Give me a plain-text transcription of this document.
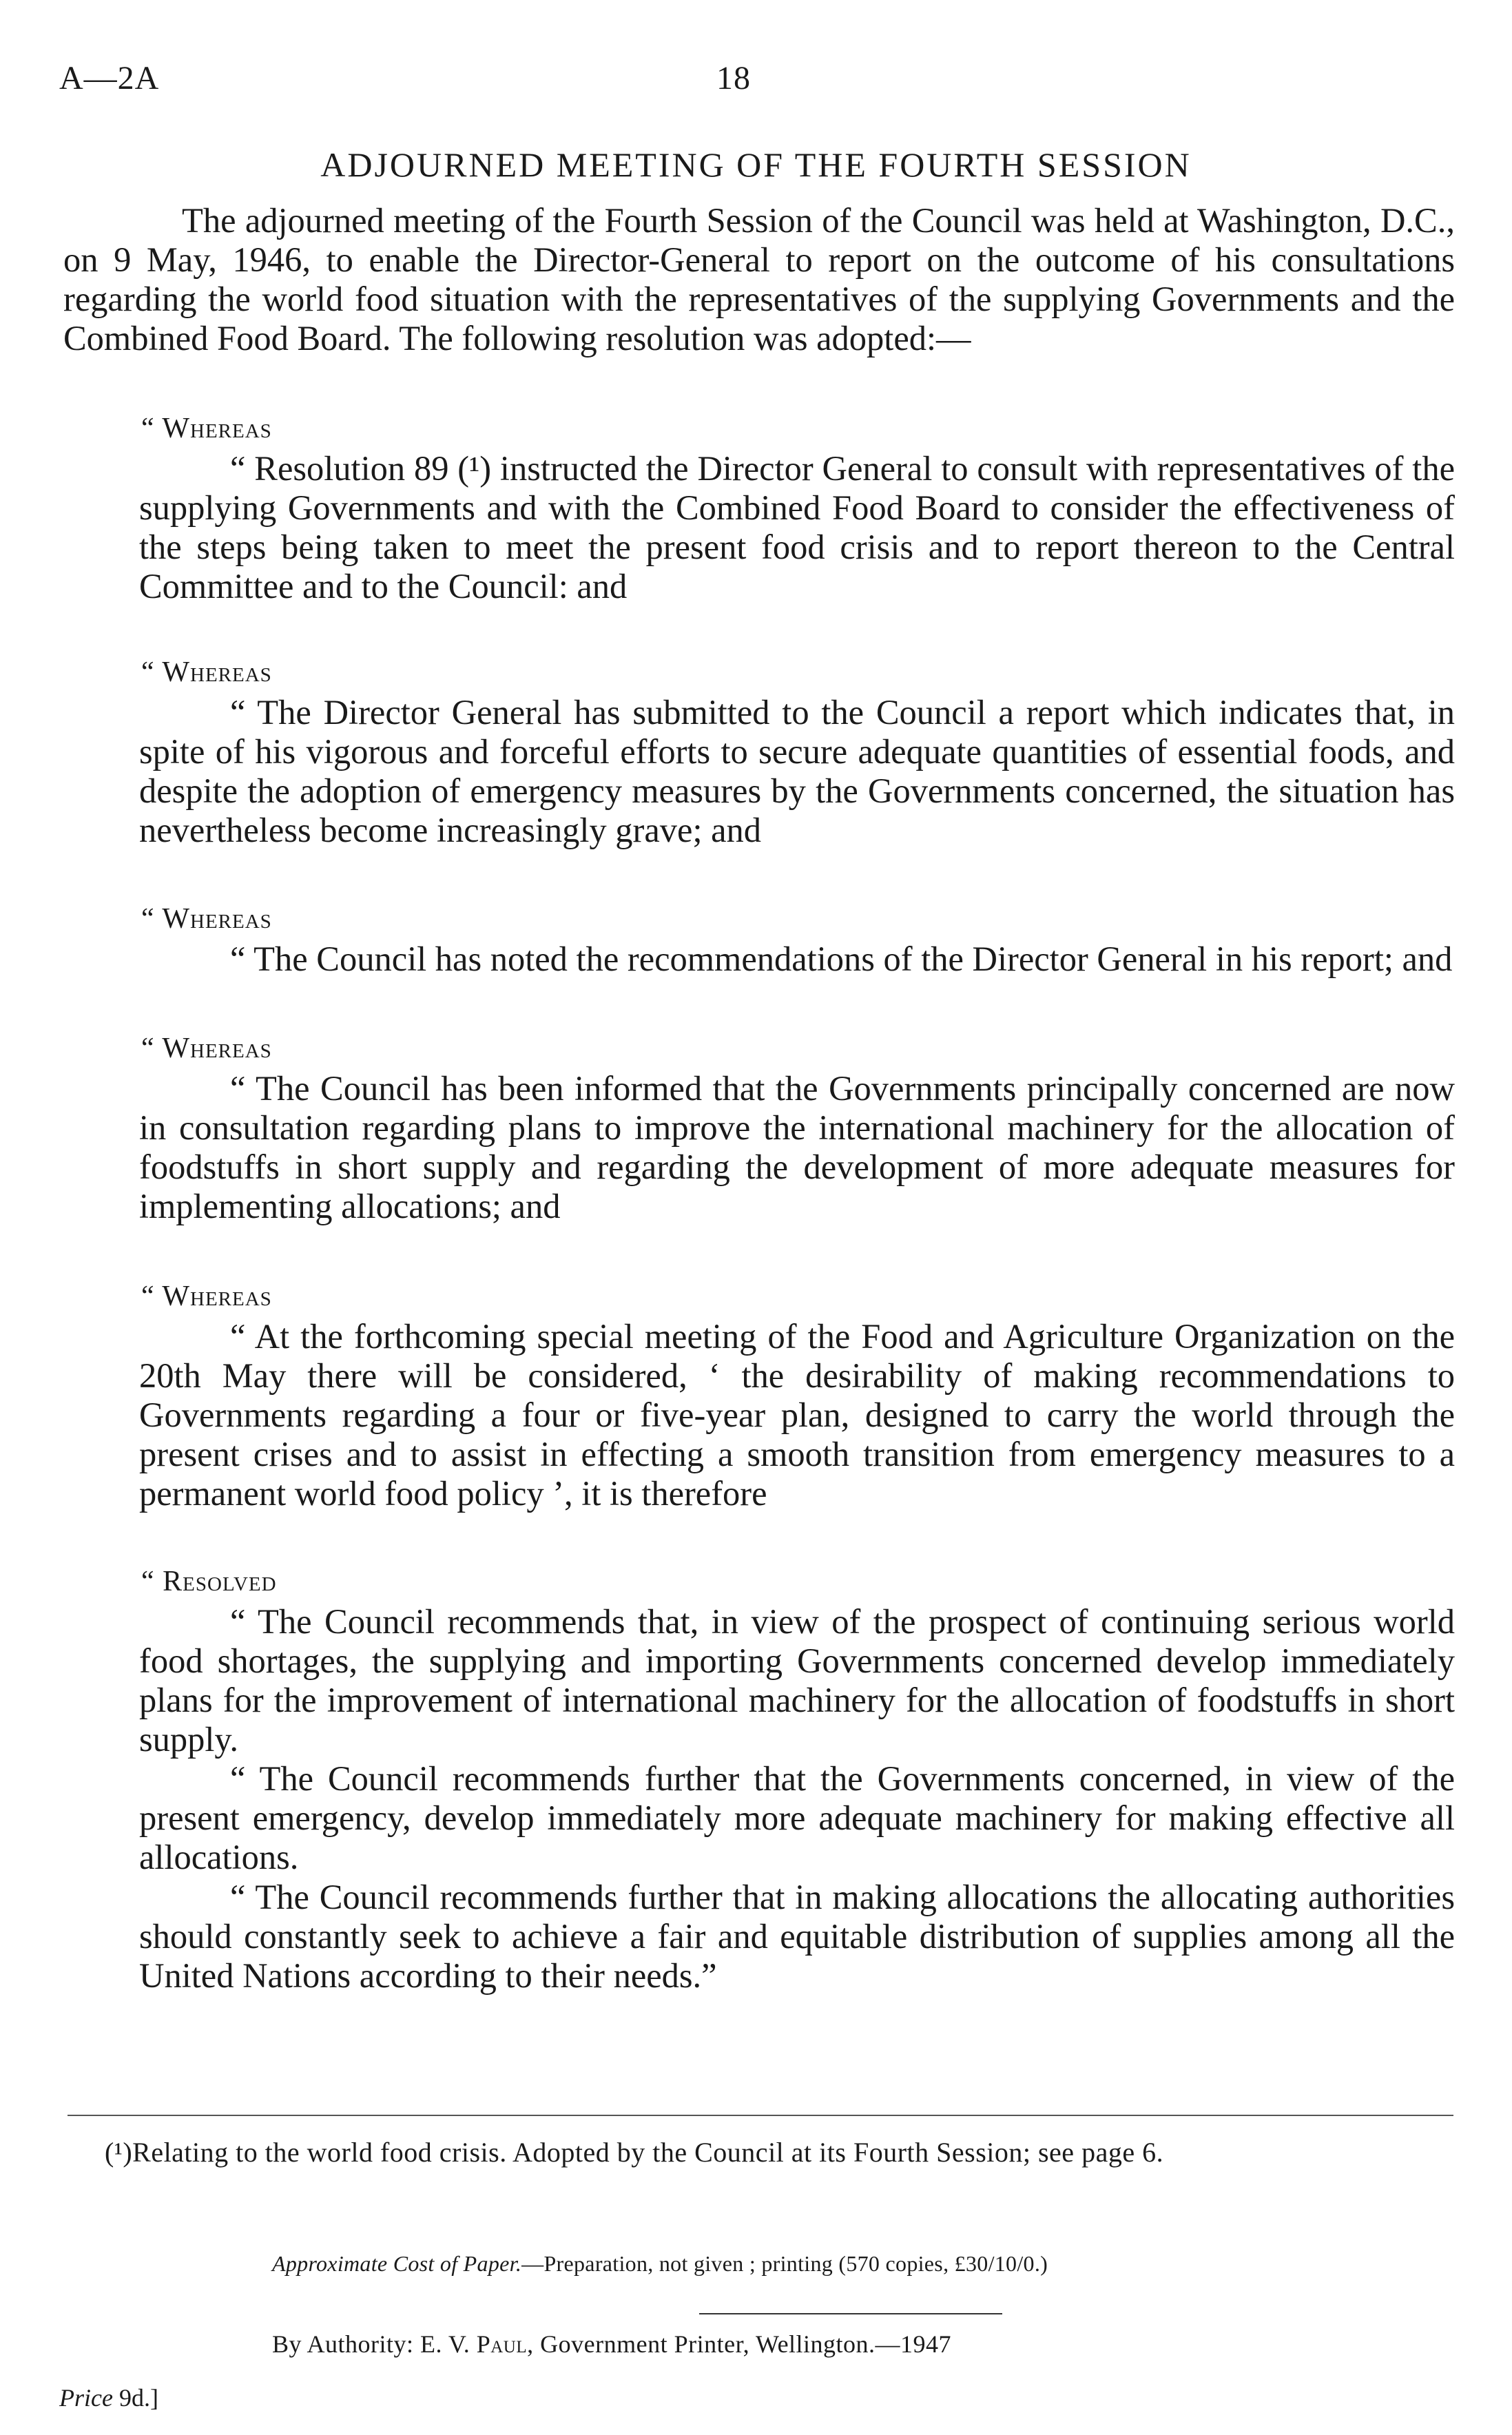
A—2A	18
ADJOURNED MEETING OF THE FOURTH SESSION
The adjourned meeting of the Fourth Session of the Council was held at Washington, D.C., on 9 May, 1946, to enable the Director-General to report on the outcome of his consultations regarding the world food situation with the representatives of the supplying Governments and the Combined Food Board. The following resolution was adopted:—
“ Whereas
“ Resolution 89 (¹) instructed the Director General to consult with representatives of the supplying Governments and with the Combined Food Board to consider the effectiveness of the steps being taken to meet the present food crisis and to report thereon to the Central Committee and to the Council: and
“ Whereas
“ The Director General has submitted to the Council a report which indicates that, in spite of his vigorous and forceful efforts to secure adequate quantities of essential foods, and despite the adoption of emergency measures by the Governments concerned, the situation has nevertheless become increasingly grave; and
“ Whereas
“ The Council has noted the recommendations of the Director General in his report; and
“ Whereas
“ The Council has been informed that the Governments principally concerned are now in consultation regarding plans to improve the international machinery for the allocation of foodstuffs in short supply and regarding the development of more adequate measures for implementing allocations; and
“ Whereas
“ At the forthcoming special meeting of the Food and Agriculture Organization on the 20th May there will be considered, ‘ the desirability of making recommendations to Governments regarding a four or five-year plan, designed to carry the world through the present crises and to assist in effecting a smooth transition from emergency measures to a permanent world food policy ’, it is therefore
“ Resolved
“ The Council recommends that, in view of the prospect of continuing serious world food shortages, the supplying and importing Governments concerned develop immediately plans for the improvement of international machinery for the allocation of foodstuffs in short supply.
“ The Council recommends further that the Governments concerned, in view of the present emergency, develop immediately more adequate machinery for making effective all allocations.
“ The Council recommends further that in making allocations the allocating authorities should constantly seek to achieve a fair and equitable distribution of supplies among all the United Nations according to their needs.”
(¹)Relating to the world food crisis. Adopted by the Council at its Fourth Session; see page 6.
Approximate Cost of Paper.—Preparation, not given ; printing (570 copies, £30/10/0.)
By Authority: E. V. Paul, Government Printer, Wellington.—1947
Price 9d.]
